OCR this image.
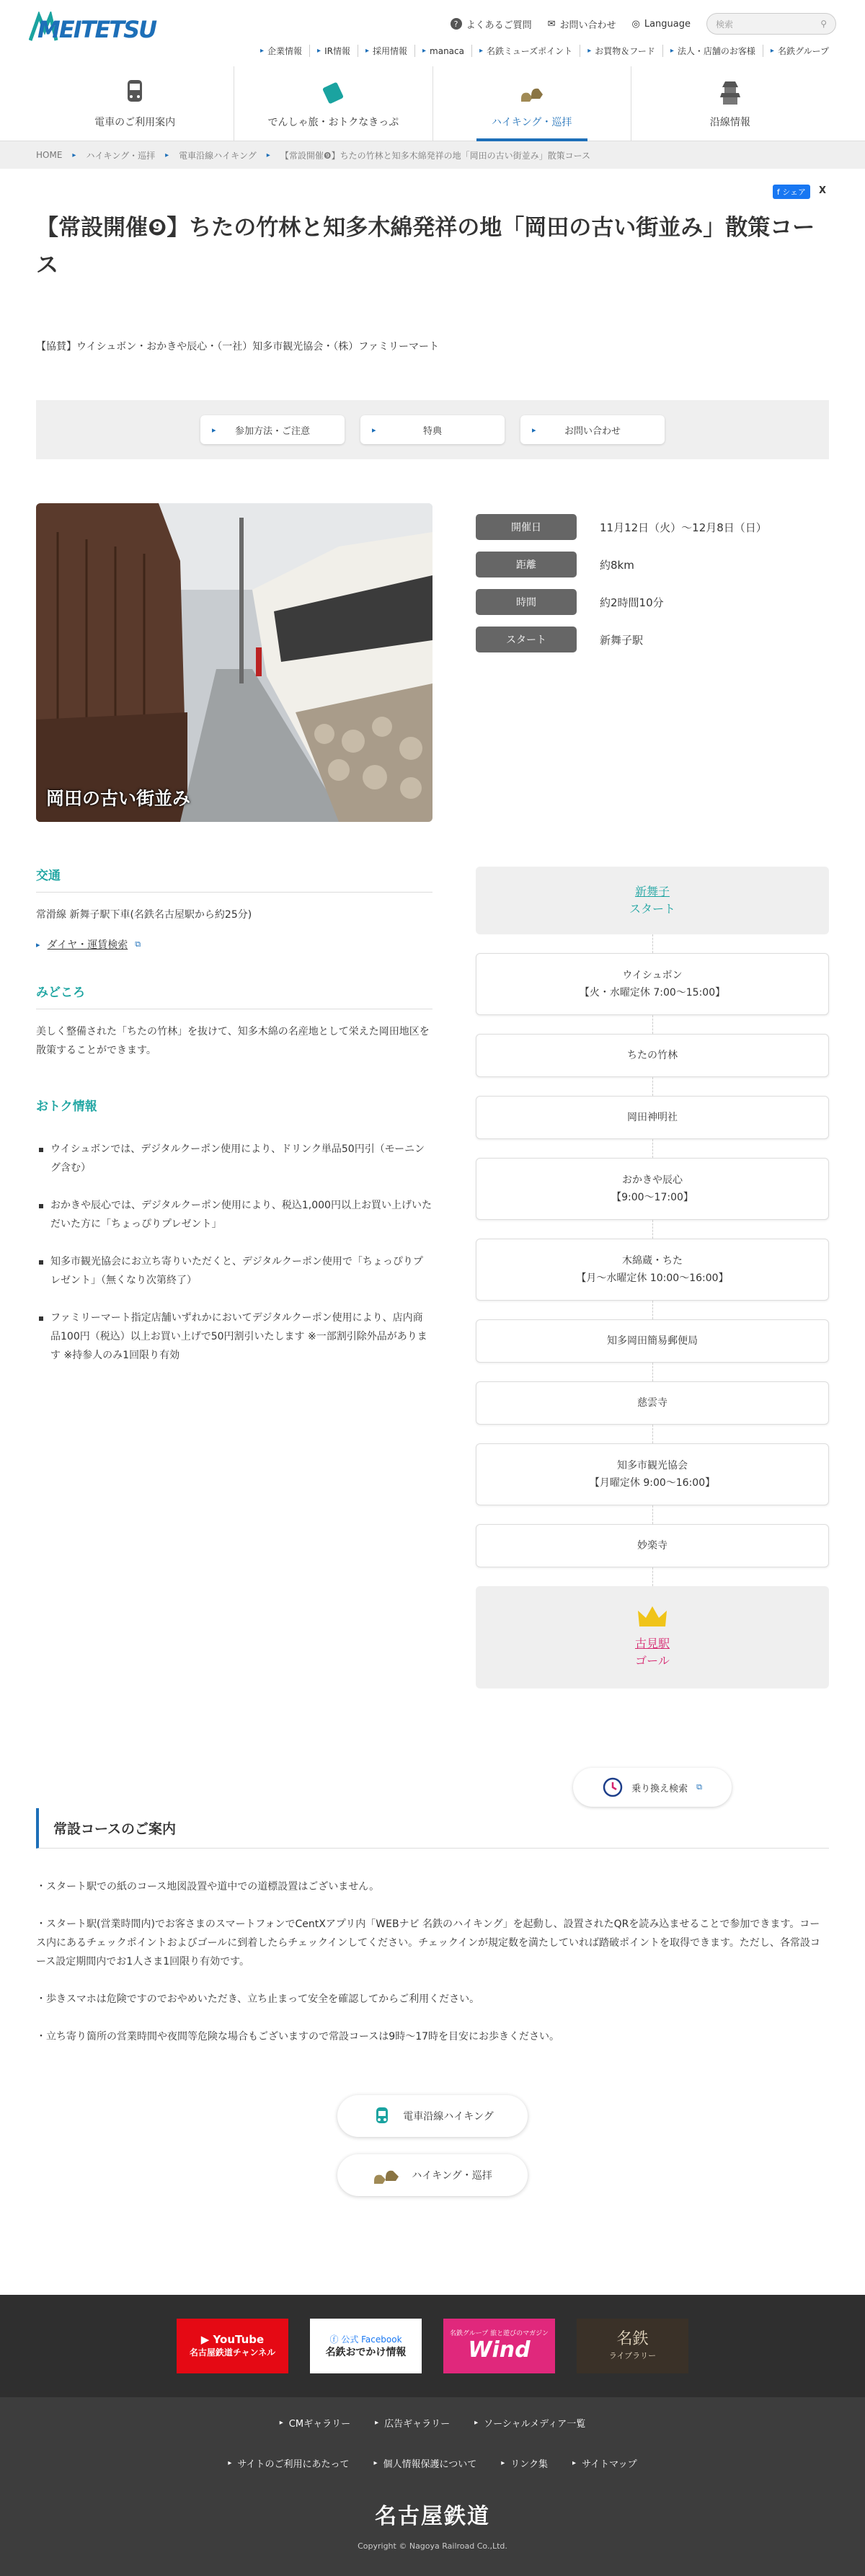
MEITETSU	? よくあるご質問 ✉ お問い合わせ ◎ Language	検索	⚲
▸ 企業情報 ▸ IR情報 ▸ 採用情報 ▸ manaca ▸ 名鉄ミューズポイント ▸ お買物＆フード ▸ 法人・店舗のお客様 ▸ 名鉄グループ
電車のご利用案内	でんしゃ旅・おトクなきっぷ	ハイキング・巡拝	沿線情報
HOME ▸ ハイキング・巡拝 ▸ 電車沿線ハイキング ▸ 【常設開催❾】ちたの竹林と知多木綿発祥の地「岡田の古い街並み」散策コース
f シェア	X
【常設開催❾】ちたの竹林と知多木綿発祥の地「岡田の古い街並み」散策コース

【協賛】ウイシュボン・おかきや辰心・（一社）知多市観光協会・（株）ファミリーマート

▸ 参加方法・ご注意	▸	特典	▸	お問い合わせ
岡田の古い街並み
開催日	11月12日（火）～12月8日（日）
距離	約8km
時間	約2時間10分
スタート	新舞子駅
交通

常滑線 新舞子駅下車(名鉄名古屋駅から約25分)

▸ ダイヤ・運賃検索 ⧉
みどころ

美しく整備された「ちたの竹林」を抜けて、知多木綿の名産地として栄えた岡田地区を散策することができます。

おトク情報
ウイシュボンでは、デジタルクーポン使用により、ドリンク単品50円引（モーニング含む）
おかきや辰心では、デジタルクーポン使用により、税込1,000円以上お買い上げいただいた方に「ちょっぴりプレゼント」
知多市観光協会にお立ち寄りいただくと、デジタルクーポン使用で「ちょっぴりプレゼント」（無くなり次第終了）
ファミリーマート指定店舗いずれかにおいてデジタルクーポン使用により、店内商品100円（税込）以上お買い上げで50円割引いたします ※一部割引除外品があります ※持参人のみ1回限り有効
新舞子
スタート
ウイシュボン
【火・水曜定休 7:00～15:00】
ちたの竹林
岡田神明社
おかきや辰心
【9:00～17:00】
木綿蔵・ちた
【月～水曜定休 10:00～16:00】
知多岡田簡易郵便局
慈雲寺
知多市観光協会
【月曜定休 9:00～16:00】
妙楽寺
古見駅
ゴール
乗り換え検索 ⧉
常設コースのご案内

・スタート駅での紙のコース地図設置や道中での道標設置はございません。

・スタート駅(営業時間内)でお客さまのスマートフォンでCentXアプリ内「WEBナビ 名鉄のハイキング」を起動し、設置されたQRを読み込ませることで参加できます。コース内にあるチェックポイントおよびゴールに到着したらチェックインしてください。チェックインが規定数を満たしていれば踏破ポイントを取得できます。ただし、各常設コース設定期間内でお1人さま1回限り有効です。

・歩きスマホは危険ですのでおやめいただき、立ち止まって安全を確認してからご利用ください。

・立ち寄り箇所の営業時間や夜間等危険な場合もございますので常設コースは9時～17時を目安にお歩きください。

電車沿線ハイキング
ハイキング・巡拝
▶ YouTube
名古屋鉄道チャンネル
ⓕ 公式 Facebook
名鉄おでかけ情報
名鉄グループ 旅と遊びのマガジン
Wind	名鉄
ライブラリー
▸ CMギャラリー	▸ 広告ギャラリー	▸ ソーシャルメディア一覧
▸ サイトのご利用にあたって	▸ 個人情報保護について	▸ リンク集	▸ サイトマップ
名古屋鉄道
Copyright © Nagoya Railroad Co.,Ltd.
